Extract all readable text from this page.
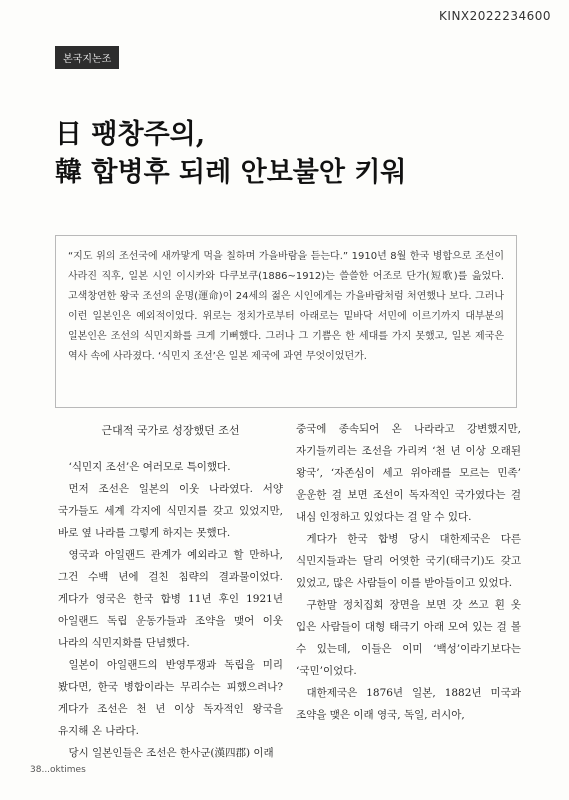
KINX2022234600
본국지논조
日 팽창주의,
韓 합병후 되레 안보불안 키워

“지도 위의 조선국에 새까맣게 먹을 칠하며 가을바람을 듣는다.” 1910년 8월 한국 병합으로 조선이 사라진 직후, 일본 시인 이시카와 다쿠보쿠(1886~1912)는 쓸쓸한 어조로 단가(短歌)를 읊었다. 고색창연한 왕국 조선의 운명(運命)이 24세의 젊은 시인에게는 가을바람처럼 처연했나 보다. 그러나 이런 일본인은 예외적이었다. 위로는 정치가로부터 아래로는 밑바닥 서민에 이르기까지 대부분의 일본인은 조선의 식민지화를 크게 기뻐했다. 그러나 그 기쁨은 한 세대를 가지 못했고, 일본 제국은 역사 속에 사라졌다. ‘식민지 조선’은 일본 제국에 과연 무엇이었던가.

근대적 국가로 성장했던 조선

‘식민지 조선’은 여러모로 특이했다.

먼저 조선은 일본의 이웃 나라였다. 서양 국가들도 세계 각지에 식민지를 갖고 있었지만, 바로 옆 나라를 그렇게 하지는 못했다.

영국과 아일랜드 관계가 예외라고 할 만하나, 그건 수백 년에 걸친 침략의 결과물이었다. 게다가 영국은 한국 합병 11년 후인 1921년 아일랜드 독립 운동가들과 조약을 맺어 이웃 나라의 식민지화를 단념했다.

일본이 아일랜드의 반영투쟁과 독립을 미리 봤다면, 한국 병합이라는 무리수는 피했으려나? 게다가 조선은 천 년 이상 독자적인 왕국을 유지해 온 나라다.

당시 일본인들은 조선은 한사군(漢四郡) 이래

중국에 종속되어 온 나라라고 강변했지만, 자기들끼리는 조선을 가리켜 ‘천 년 이상 오래된 왕국’, ‘자존심이 세고 위아래를 모르는 민족’ 운운한 걸 보면 조선이 독자적인 국가였다는 걸 내심 인정하고 있었다는 걸 알 수 있다.

게다가 한국 합병 당시 대한제국은 다른 식민지들과는 달리 어엿한 국기(태극기)도 갖고 있었고, 많은 사람들이 이를 받아들이고 있었다.

구한말 정치집회 장면을 보면 갓 쓰고 흰 옷 입은 사람들이 대형 태극기 아래 모여 있는 걸 볼 수 있는데, 이들은 이미 ‘백성’이라기보다는 ‘국민’이었다.

대한제국은 1876년 일본, 1882년 미국과 조약을 맺은 이래 영국, 독일, 러시아,

38...oktimes
